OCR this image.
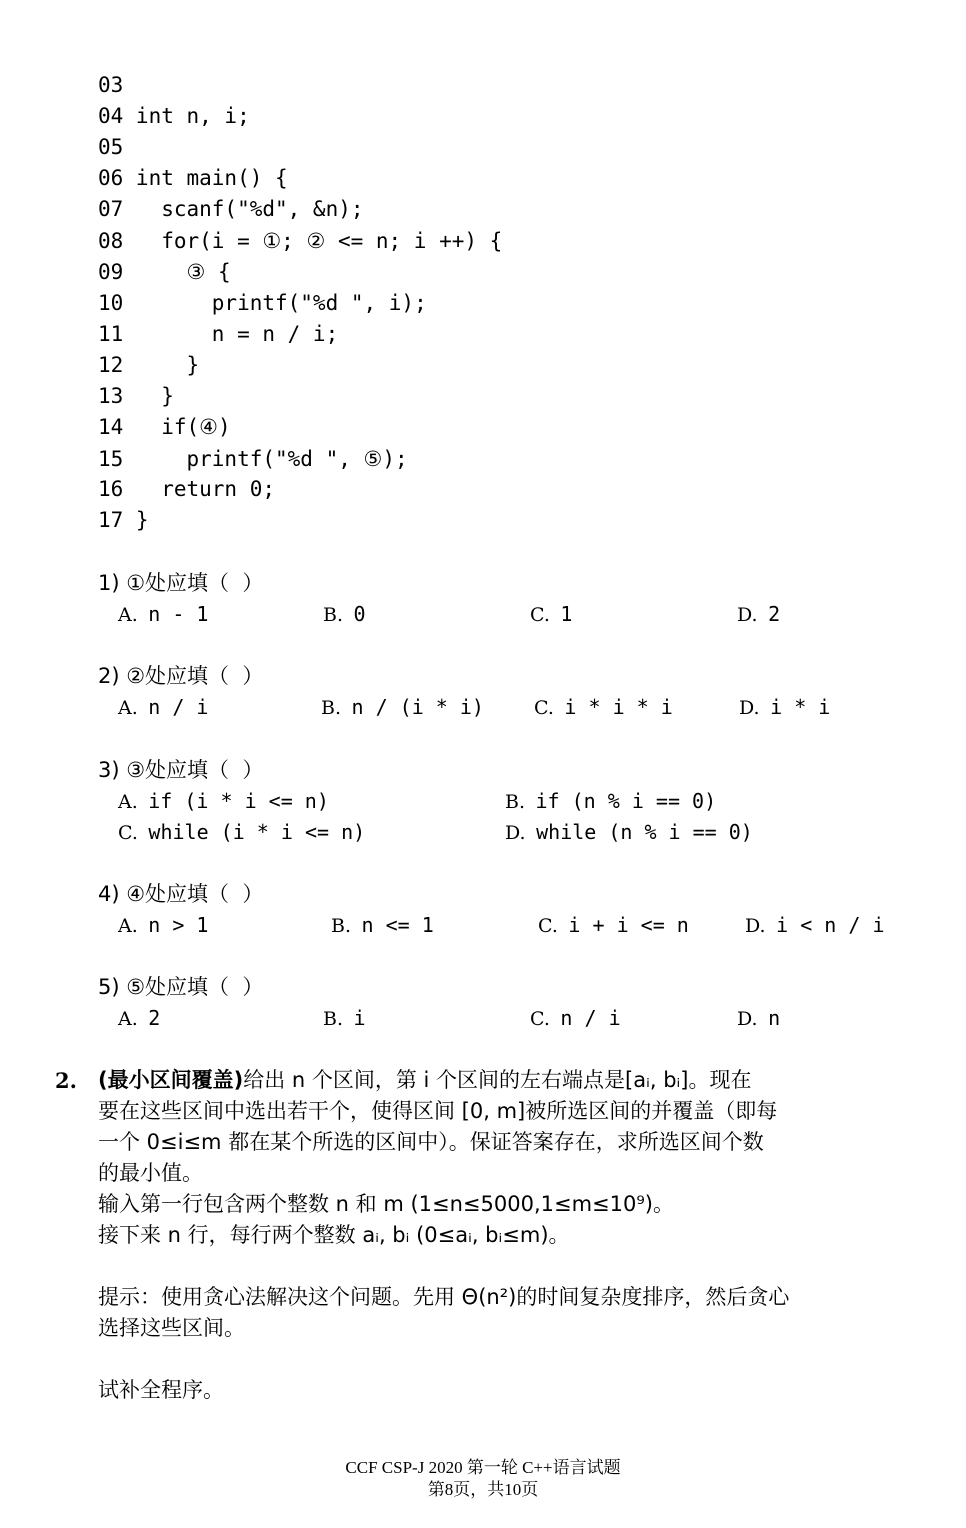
03
04 int n, i;
05
06 int main() {
07   scanf("%d", &n);
08   for(i = ①; ② <= n; i ++) {
09     ③ {
10       printf("%d ", i);
11       n = n / i;
12     }
13   }
14   if(④)
15     printf("%d ", ⑤);
16   return 0;
17 }
1) ①处应填（  ）
A. n - 1	B. 0	C. 1	D. 2
2) ②处应填（  ）
A. n / i	B. n / (i * i)	C. i * i * i	D. i * i
3) ③处应填（  ）
A. if (i * i <= n)	B. if (n % i == 0)
C. while (i * i <= n)	D. while (n % i == 0)
4) ④处应填（  ）
A. n > 1	B. n <= 1	C. i + i <= n	D. i < n / i
5) ⑤处应填（  ）
A. 2	B. i	C. n / i	D. n
2. (最小区间覆盖)给出 n 个区间，第 i 个区间的左右端点是[aᵢ, bᵢ]。现在
要在这些区间中选出若干个，使得区间 [0, m]被所选区间的并覆盖（即每
一个 0≤i≤m 都在某个所选的区间中）。保证答案存在，求所选区间个数
的最小值。
输入第一行包含两个整数 n 和 m (1≤n≤5000,1≤m≤10⁹)。
接下来 n 行，每行两个整数 aᵢ, bᵢ (0≤aᵢ, bᵢ≤m)。
提示：使用贪心法解决这个问题。先用 Θ(n²)的时间复杂度排序，然后贪心
选择这些区间。
试补全程序。
CCF CSP-J 2020 第一轮 C++语言试题
第8页，共10页
